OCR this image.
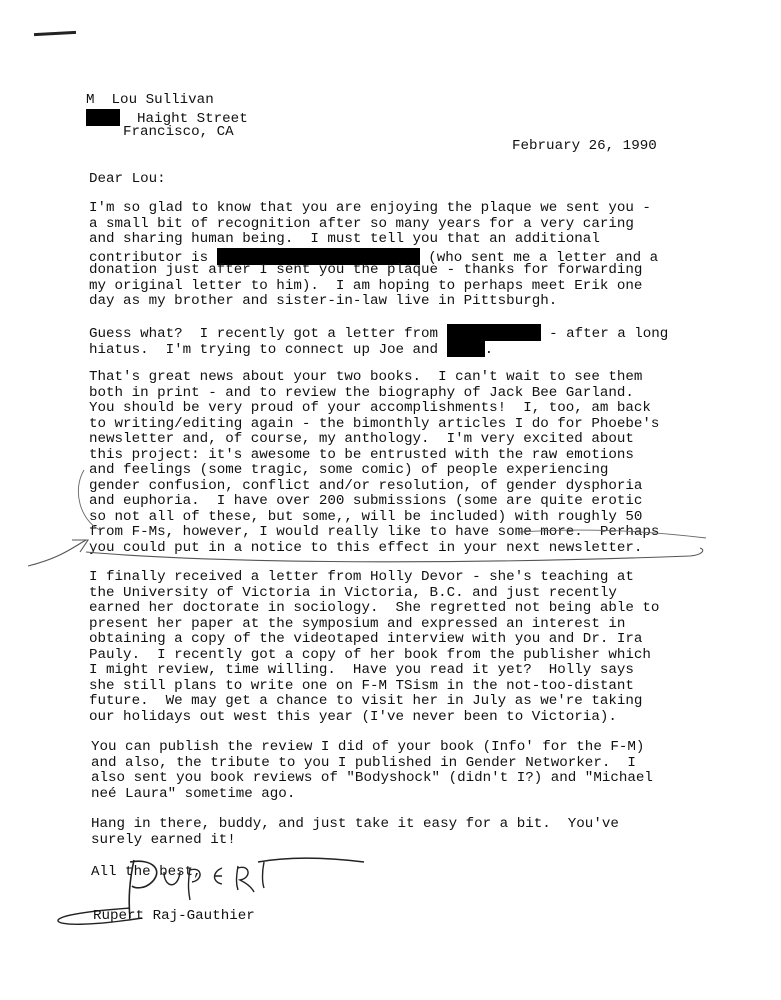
M  Lou Sullivan
Haight Street
Francisco, CA
February 26, 1990
Dear Lou:
I'm so glad to know that you are enjoying the plaque we sent you -
a small bit of recognition after so many years for a very caring
and sharing human being.  I must tell you that an additional
contributor is	(who sent me a letter and a
donation just after I sent you the plaque - thanks for forwarding
my original letter to him).  I am hoping to perhaps meet Erik one
day as my brother and sister-in-law live in Pittsburgh.
Guess what?  I recently got a letter from	- after a long
hiatus.  I'm trying to connect up Joe and	.
That's great news about your two books.  I can't wait to see them
both in print - and to review the biography of Jack Bee Garland.
You should be very proud of your accomplishments!  I, too, am back
to writing/editing again - the bimonthly articles I do for Phoebe's
newsletter and, of course, my anthology.  I'm very excited about
this project: it's awesome to be entrusted with the raw emotions
and feelings (some tragic, some comic) of people experiencing
gender confusion, conflict and/or resolution, of gender dysphoria
and euphoria.  I have over 200 submissions (some are quite erotic
so not all of these, but some,, will be included) with roughly 50
from F-Ms, however, I would really like to have some more.  Perhaps
you could put in a notice to this effect in your next newsletter.
I finally received a letter from Holly Devor - she's teaching at
the University of Victoria in Victoria, B.C. and just recently
earned her doctorate in sociology.  She regretted not being able to
present her paper at the symposium and expressed an interest in
obtaining a copy of the videotaped interview with you and Dr. Ira
Pauly.  I recently got a copy of her book from the publisher which
I might review, time willing.  Have you read it yet?  Holly says
she still plans to write one on F-M TSism in the not-too-distant
future.  We may get a chance to visit her in July as we're taking
our holidays out west this year (I've never been to Victoria).
You can publish the review I did of your book (Info' for the F-M)
and also, the tribute to you I published in Gender Networker.  I
also sent you book reviews of "Bodyshock" (didn't I?) and "Michael
neé Laura" sometime ago.
Hang in there, buddy, and just take it easy for a bit.  You've
surely earned it!
All the best,
Rupert Raj-Gauthier
